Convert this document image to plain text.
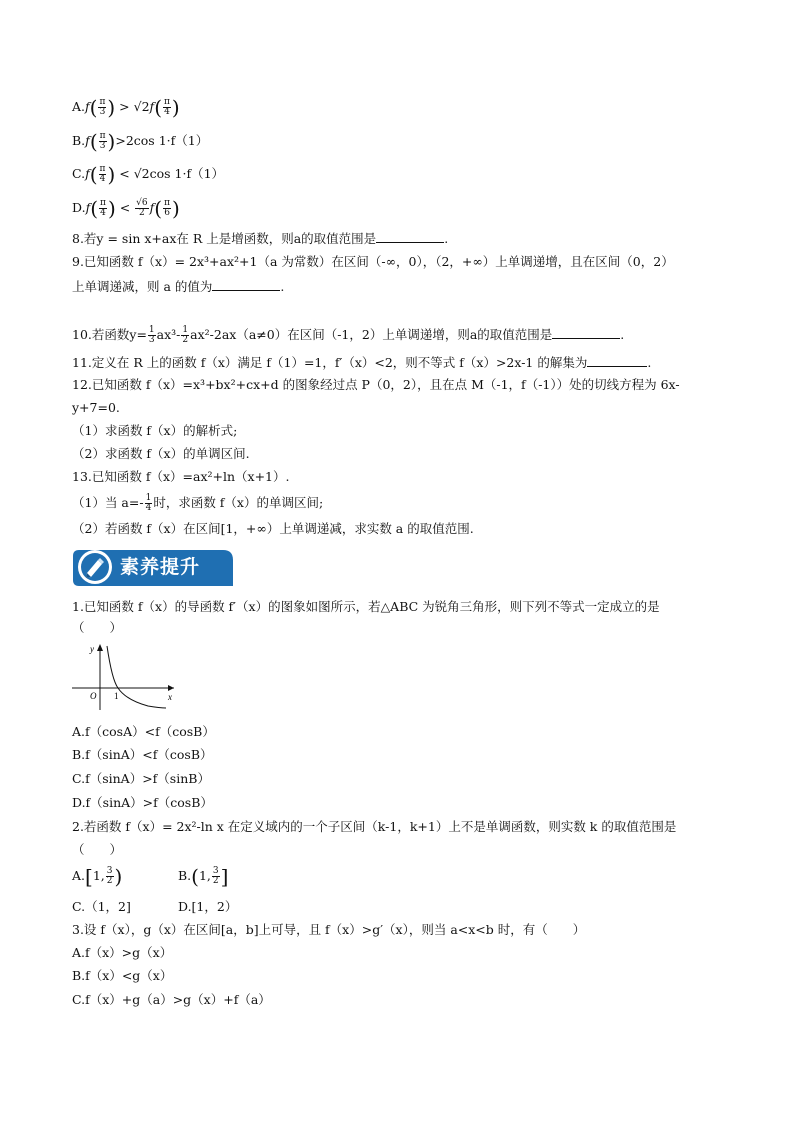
$A.f( \frac{\pi}{3}$ ) > $√2f( \frac{\pi}{4}$ )
$B.f( \frac{\pi}{3} )>2\cos$ 1·f（1）
$C.f( \frac{\pi}{4}$ ) < √2cos 1·f（1）
$D.f( \frac{\pi}{4}$ ) < $\frac{√6}{2} f( \frac{\pi}{6}$ )
8.若y = sin x+ax在 R 上是增函数，则a的取值范围是	.
9.已知函数 f（x）= 2x³+ax²+1（a 为常数）在区间（-∞，0），（2，+∞）上单调递增，且在区间（0，2）
上单调递减，则 a 的值为	.
10.若函数$y= \frac{1}{3} ax^3- \frac{1}{2} ax^2-2ax(a\ne 0)$在区间（-1，2）上单调递增，则a的取值范围是	.
11.定义在 R 上的函数 f（x）满足 f（1）=1，f′（x）<2，则不等式 f（x）>2x-1 的解集为	.
12.已知函数 f（x）=x³+bx²+cx+d 的图象经过点 P（0，2），且在点 M（-1，f（-1））处的切线方程为 6x-
y+7=0.
（1）求函数 f（x）的解析式;
（2）求函数 f（x）的单调区间.
13.已知函数 f（x）=ax²+ln（x+1）.
（1）当 $a=- \frac{1}{4}$ 时，求函数 f（x）的单调区间;
（2）若函数 f（x）在区间[1，+∞）上单调递减，求实数 a 的取值范围.
素养提升
1.已知函数 f（x）的导函数 f′（x）的图象如图所示，若△ABC 为锐角三角形，则下列不等式一定成立的是
（　　）
y
x
O 1
A.f（cosA）<f（cosB）
B.f（sinA）<f（cosB）
C.f（sinA）>f（sinB）
D.f（sinA）>f（cosB）
2.若函数 f（x）= 2x²-ln x 在定义域内的一个子区间（k-1，k+1）上不是单调函数，则实数 k 的取值范围是
（　　）
A.[1, $\frac{3}{2}$ )	B.(1, $\frac{3}{2}$ ]
C.（1，2]	D.[1，2）
3.设 f（x），g（x）在区间[a，b]上可导，且 f（x）>g′（x），则当 a<x<b 时，有（　　）
A.f（x）>g（x）
B.f（x）<g（x）
C.f（x）+g（a）>g（x）+f（a）
